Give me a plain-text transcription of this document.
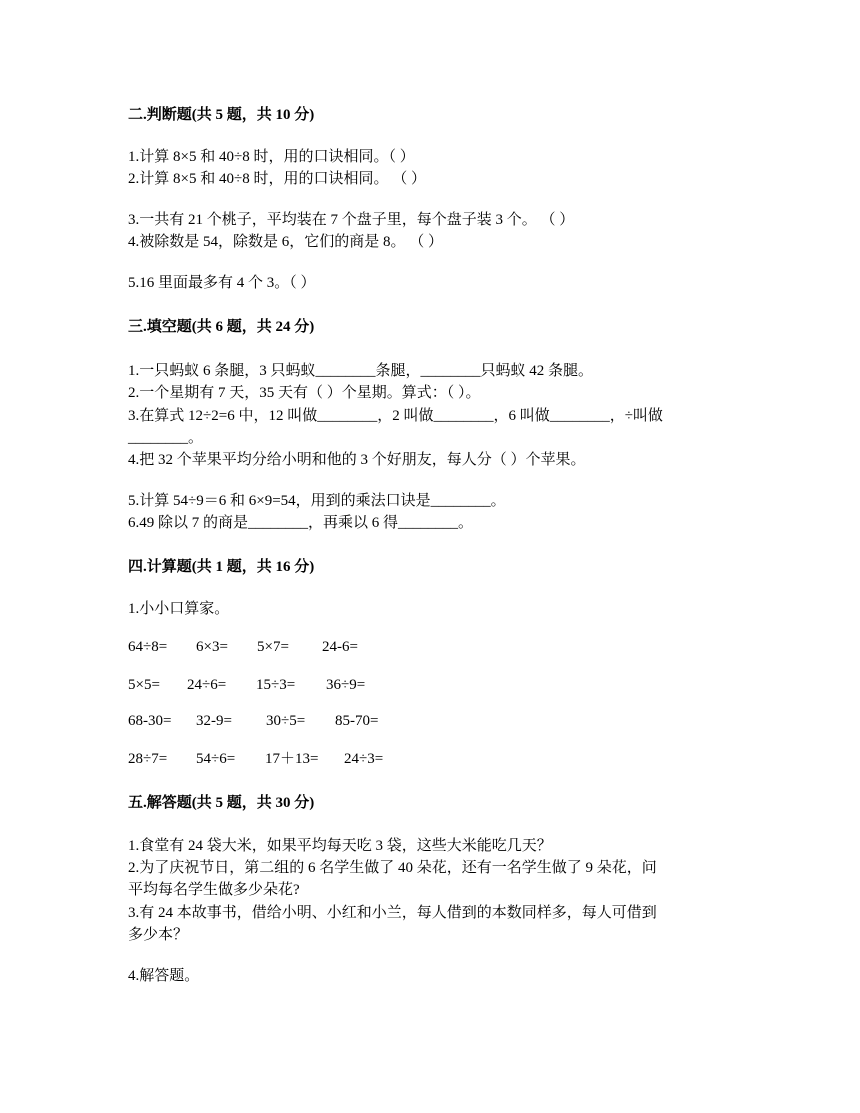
二.判断题(共 5 题，共 10 分)
1.计算 8×5 和 40÷8 时，用的口诀相同。（ ）
2.计算 8×5 和 40÷8 时，用的口诀相同。 （ ）
3.一共有 21 个桃子，平均装在 7 个盘子里，每个盘子装 3 个。 （ ）
4.被除数是 54，除数是 6，它们的商是 8。 （ ）
5.16 里面最多有 4 个 3。（ ）
三.填空题(共 6 题，共 24 分)
1.一只蚂蚁 6 条腿，3 只蚂蚁________条腿，________只蚂蚁 42 条腿。
2.一个星期有 7 天，35 天有（ ）个星期。算式：（ ）。
3.在算式 12÷2=6 中，12 叫做________，2 叫做________，6 叫做________，÷叫做
________。
4.把 32 个苹果平均分给小明和他的 3 个好朋友，每人分（ ）个苹果。
5.计算 54÷9＝6 和 6×9=54，用到的乘法口诀是________。
6.49 除以 7 的商是________，再乘以 6 得________。
四.计算题(共 1 题，共 16 分)
1.小小口算家。
64÷8= 6×3= 5×7= 24-6=
5×5= 24÷6= 15÷3= 36÷9=
68-30= 32-9= 30÷5= 85-70=
28÷7= 54÷6= 17＋13= 24÷3=
五.解答题(共 5 题，共 30 分)
1.食堂有 24 袋大米，如果平均每天吃 3 袋，这些大米能吃几天？
2.为了庆祝节日，第二组的 6 名学生做了 40 朵花，还有一名学生做了 9 朵花，问
平均每名学生做多少朵花?
3.有 24 本故事书，借给小明、小红和小兰，每人借到的本数同样多，每人可借到
多少本？
4.解答题。
